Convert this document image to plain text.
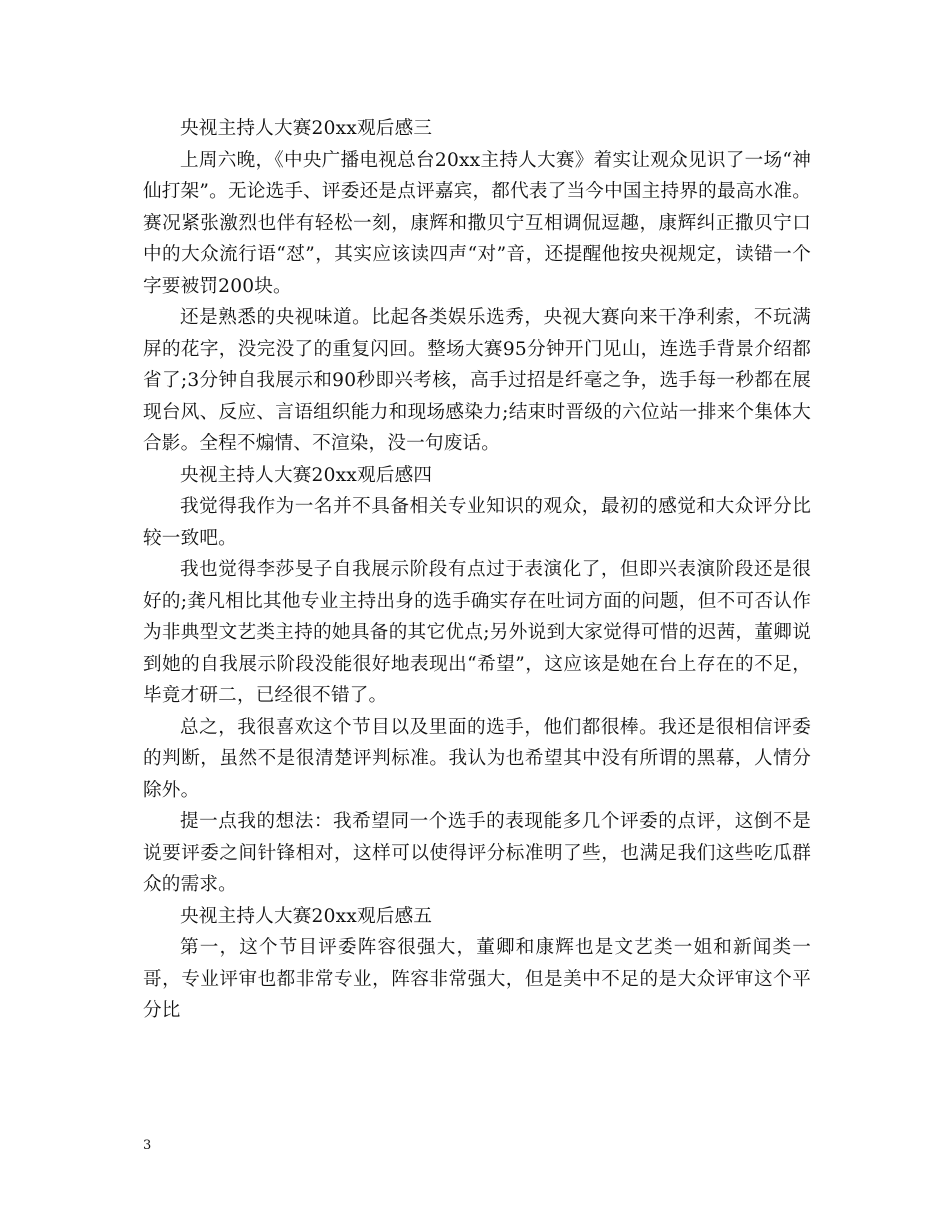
央视主持人大赛20xx观后感三

上周六晚，《中央广播电视总台20xx主持人大赛》着实让观众见识了一场“神仙打架”。无论选手、评委还是点评嘉宾，都代表了当今中国主持界的最高水准。赛况紧张激烈也伴有轻松一刻，康辉和撒贝宁互相调侃逗趣，康辉纠正撒贝宁口中的大众流行语“怼”，其实应该读四声“对”音，还提醒他按央视规定，读错一个字要被罚200块。

还是熟悉的央视味道。比起各类娱乐选秀，央视大赛向来干净利索，不玩满屏的花字，没完没了的重复闪回。整场大赛95分钟开门见山，连选手背景介绍都省了;3分钟自我展示和90秒即兴考核，高手过招是纤毫之争，选手每一秒都在展现台风、反应、言语组织能力和现场感染力;结束时晋级的六位站一排来个集体大合影。全程不煽情、不渲染，没一句废话。

央视主持人大赛20xx观后感四

我觉得我作为一名并不具备相关专业知识的观众，最初的感觉和大众评分比较一致吧。

我也觉得李莎旻子自我展示阶段有点过于表演化了，但即兴表演阶段还是很好的;龚凡相比其他专业主持出身的选手确实存在吐词方面的问题，但不可否认作为非典型文艺类主持的她具备的其它优点;另外说到大家觉得可惜的迟茜，董卿说到她的自我展示阶段没能很好地表现出“希望”，这应该是她在台上存在的不足，毕竟才研二，已经很不错了。

总之，我很喜欢这个节目以及里面的选手，他们都很棒。我还是很相信评委的判断，虽然不是很清楚评判标准。我认为也希望其中没有所谓的黑幕，人情分除外。

提一点我的想法：我希望同一个选手的表现能多几个评委的点评，这倒不是说要评委之间针锋相对，这样可以使得评分标准明了些，也满足我们这些吃瓜群众的需求。

央视主持人大赛20xx观后感五

第一，这个节目评委阵容很强大，董卿和康辉也是文艺类一姐和新闻类一哥，专业评审也都非常专业，阵容非常强大，但是美中不足的是大众评审这个平分比

3
